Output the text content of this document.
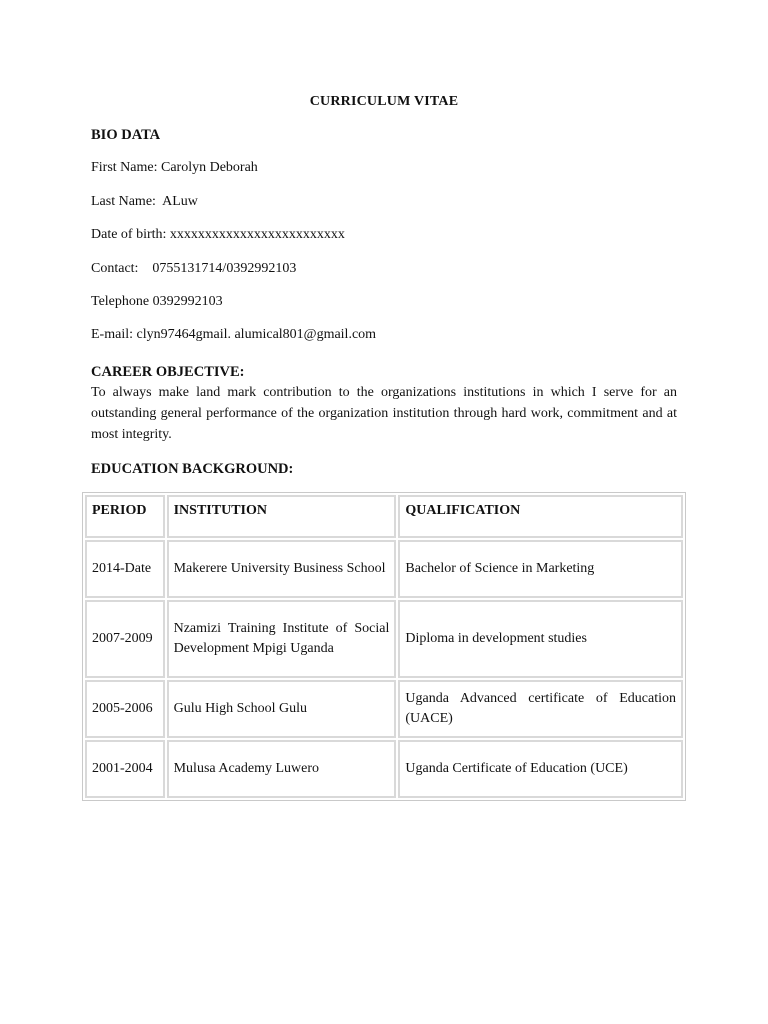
CURRICULUM VITAE
BIO DATA
First Name: Carolyn Deborah
Last Name:  ALuw
Date of birth: xxxxxxxxxxxxxxxxxxxxxxxxx
Contact:    0755131714/0392992103
Telephone 0392992103
E-mail: clyn97464gmail. alumical801@gmail.com
CAREER OBJECTIVE:
To always make land mark contribution to the organizations institutions in which I serve for an outstanding general performance of the organization institution through hard work, commitment and at most integrity.
EDUCATION BACKGROUND:
PERIOD	INSTITUTION	QUALIFICATION
2014-Date	Makerere University Business School	Bachelor of Science in Marketing
2007-2009	Nzamizi Training Institute of Social Development Mpigi Uganda	Diploma in development studies
2005-2006	Gulu High School Gulu	Uganda Advanced certificate of Education (UACE)
2001-2004	Mulusa Academy Luwero	Uganda Certificate of Education (UCE)
